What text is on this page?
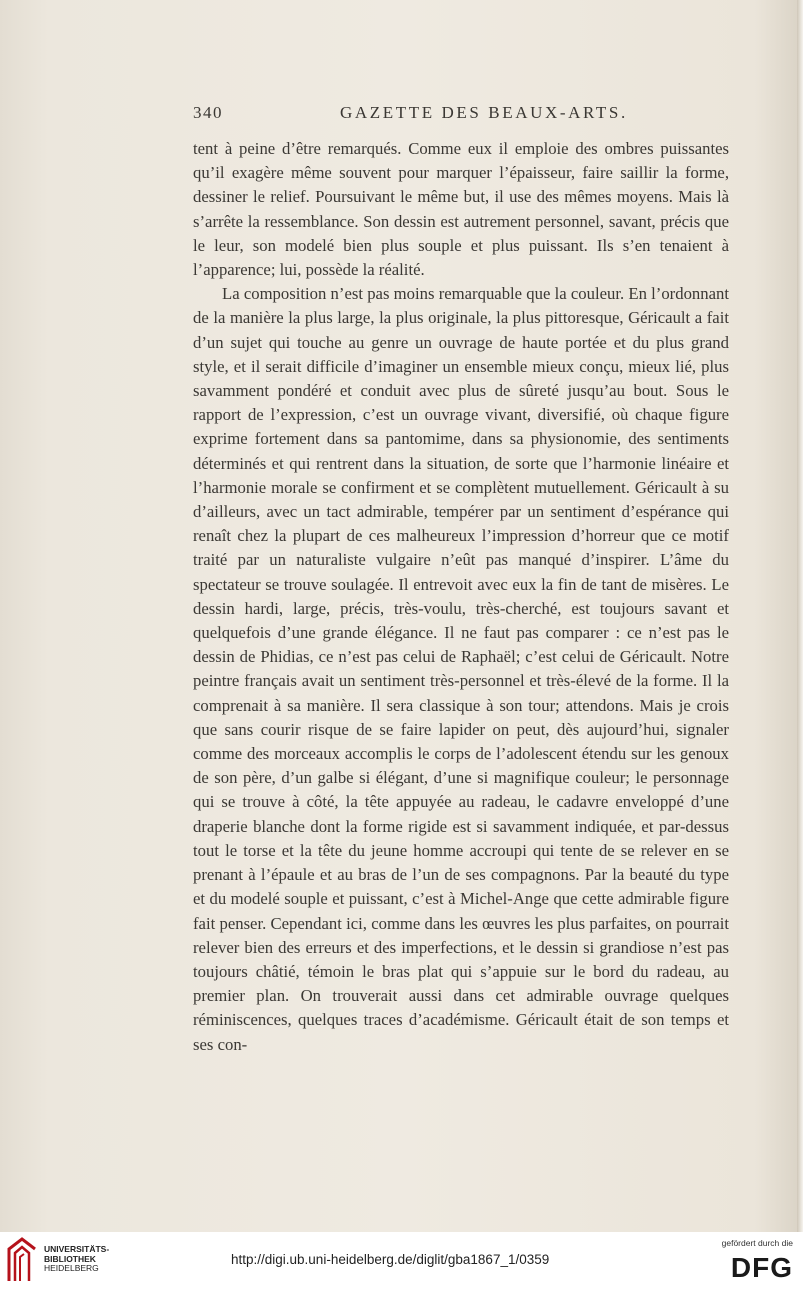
340	GAZETTE DES BEAUX-ARTS.

tent à peine d’être remarqués. Comme eux il emploie des ombres puissantes qu’il exagère même souvent pour marquer l’épaisseur, faire saillir la forme, dessiner le relief. Poursuivant le même but, il use des mêmes moyens. Mais là s’arrête la ressemblance. Son dessin est autrement personnel, savant, précis que le leur, son modelé bien plus souple et plus puissant. Ils s’en tenaient à l’apparence; lui, possède la réalité.

La composition n’est pas moins remarquable que la couleur. En l’ordonnant de la manière la plus large, la plus originale, la plus pittoresque, Géricault a fait d’un sujet qui touche au genre un ouvrage de haute portée et du plus grand style, et il serait difficile d’imaginer un ensemble mieux conçu, mieux lié, plus savamment pondéré et conduit avec plus de sûreté jusqu’au bout. Sous le rapport de l’expression, c’est un ouvrage vivant, diversifié, où chaque figure exprime fortement dans sa pantomime, dans sa physionomie, des sentiments déterminés et qui rentrent dans la situation, de sorte que l’harmonie linéaire et l’harmonie morale se confirment et se complètent mutuellement. Géricault à su d’ailleurs, avec un tact admirable, tempérer par un sentiment d’espérance qui renaît chez la plupart de ces malheureux l’impression d’horreur que ce motif traité par un naturaliste vulgaire n’eût pas manqué d’inspirer. L’âme du spectateur se trouve soulagée. Il entrevoit avec eux la fin de tant de misères. Le dessin hardi, large, précis, très-voulu, très-cherché, est toujours savant et quelquefois d’une grande élégance. Il ne faut pas comparer : ce n’est pas le dessin de Phidias, ce n’est pas celui de Raphaël; c’est celui de Géricault. Notre peintre français avait un sentiment très-personnel et très-élevé de la forme. Il la comprenait à sa manière. Il sera classique à son tour; attendons. Mais je crois que sans courir risque de se faire lapider on peut, dès aujourd’hui, signaler comme des morceaux accomplis le corps de l’adolescent étendu sur les genoux de son père, d’un galbe si élégant, d’une si magnifique couleur; le personnage qui se trouve à côté, la tête appuyée au radeau, le cadavre enveloppé d’une draperie blanche dont la forme rigide est si savamment indiquée, et par-dessus tout le torse et la tête du jeune homme accroupi qui tente de se relever en se prenant à l’épaule et au bras de l’un de ses compagnons. Par la beauté du type et du modelé souple et puissant, c’est à Michel-Ange que cette admirable figure fait penser. Cependant ici, comme dans les œuvres les plus parfaites, on pourrait relever bien des erreurs et des imperfections, et le dessin si grandiose n’est pas toujours châtié, témoin le bras plat qui s’appuie sur le bord du radeau, au premier plan. On trouverait aussi dans cet admirable ouvrage quelques réminiscences, quelques traces d’académisme. Géricault était de son temps et ses con-

UNIVERSITÄTS-
BIBLIOTHEK
HEIDELBERG
http://digi.ub.uni-heidelberg.de/diglit/gba1867_1/0359
gefördert durch die
DFG
